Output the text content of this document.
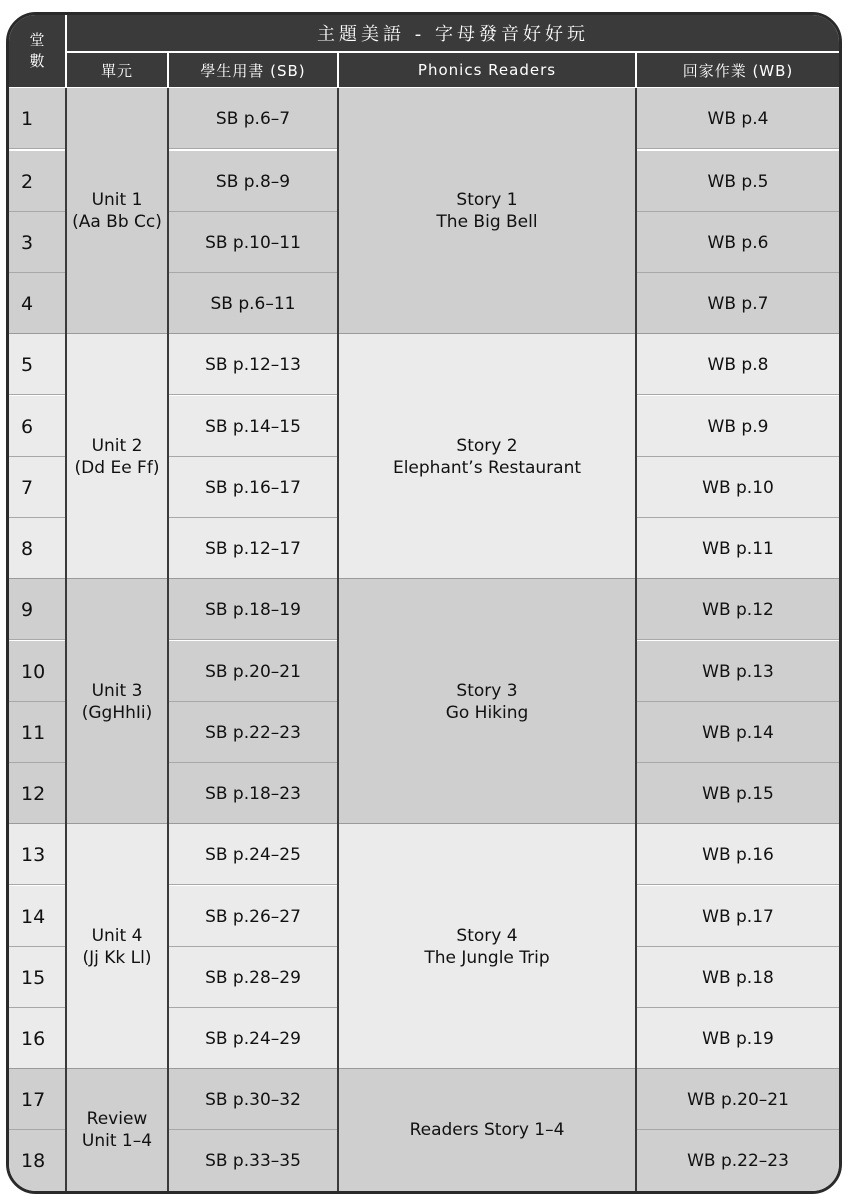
堂
數
主題美語 - 字母發音好好玩
單元	學生用書 (SB)	Phonics Readers	回家作業 (WB)
Unit 1
(Aa Bb Cc)
Story 1
The Big Bell
1	SB p.6–7	WB p.4
2	SB p.8–9	WB p.5
3	SB p.10–11	WB p.6
4	SB p.6–11	WB p.7
Unit 2
(Dd Ee Ff)
Story 2
Elephant’s Restaurant
5	SB p.12–13	WB p.8
6	SB p.14–15	WB p.9
7	SB p.16–17	WB p.10
8	SB p.12–17	WB p.11
Unit 3
(GgHhIi)
Story 3
Go Hiking
9	SB p.18–19	WB p.12
10	SB p.20–21	WB p.13
11	SB p.22–23	WB p.14
12	SB p.18–23	WB p.15
Unit 4
(Jj Kk Ll)
Story 4
The Jungle Trip
13	SB p.24–25	WB p.16
14	SB p.26–27	WB p.17
15	SB p.28–29	WB p.18
16	SB p.24–29	WB p.19
Review
Unit 1–4
Readers Story 1–4
17	SB p.30–32	WB p.20–21
18	SB p.33–35	WB p.22–23
